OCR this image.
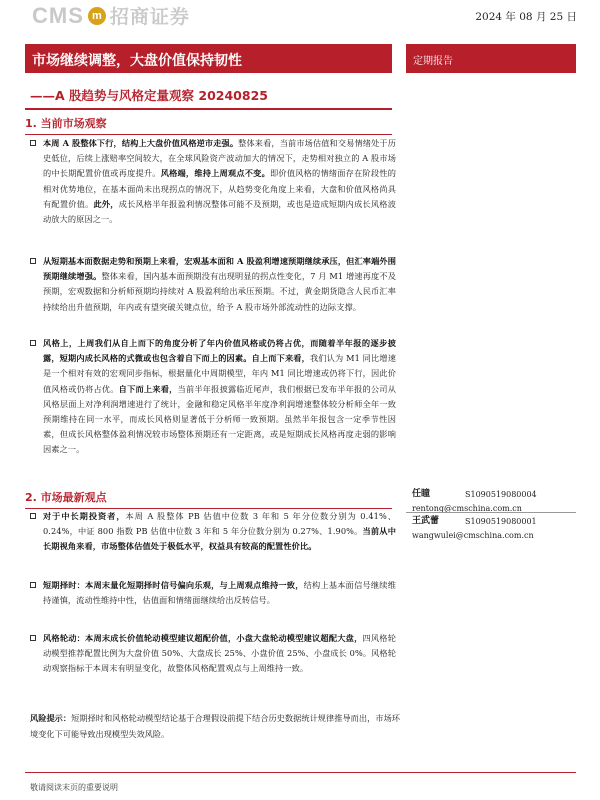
CMS m 招商证券	2024 年 08 月 25 日
市场继续调整，大盘价值保持韧性
——A 股趋势与风格定量观察 20240825
定期报告
1. 当前市场观察
本周 A 股整体下行，结构上大盘价值风格逆市走强。整体来看，当前市场估值和交易情绪处于历史低位，后续上涨赔率空间较大，在全球风险资产波动加大的情况下，走势相对独立的 A 股市场的中长期配置价值或再度提升。风格端，维持上周观点不变。即价值风格的情绪面存在阶段性的相对优势地位，在基本面尚未出现拐点的情况下，从趋势变化角度上来看，大盘和价值风格尚具有配置价值。此外，成长风格半年报盈利情况整体可能不及预期，或也是造成短期内成长风格波动放大的原因之一。
从短期基本面数据走势和预期上来看，宏观基本面和 A 股盈利增速预期继续承压，但汇率端外围预期继续增强。整体来看，国内基本面预期没有出现明显的拐点性变化，7 月 M1 增速再度不及预期，宏观数据和分析师预期均持续对 A 股盈利给出承压预期。不过，黄金期货隐含人民币汇率持续给出升值预期，年内或有望突破关键点位，给予 A 股市场外部流动性的边际支撑。
风格上，上周我们从自上而下的角度分析了年内价值风格或仍将占优，而随着半年报的逐步披露，短期内成长风格的式微或也包含着自下而上的因素。自上而下来看，我们认为 M1 同比增速是一个相对有效的宏观同步指标，根据量化中周期模型，年内 M1 同比增速或仍将下行，因此价值风格或仍将占优。自下而上来看，当前半年报披露临近尾声，我们根据已发布半年报的公司从风格层面上对净利润增速进行了统计，金融和稳定风格半年度净利润增速整体较分析师全年一致预期维持在同一水平，而成长风格则显著低于分析师一致预期。虽然半年报包含一定季节性因素，但成长风格整体盈利情况较市场整体预期还有一定距离，或是短期成长风格再度走弱的影响因素之一。
2. 市场最新观点
对于中长期投资者，本周 A 股整体 PB 估值中位数 3 年和 5 年分位数分别为 0.41%、0.24%，中证 800 指数 PB 估值中位数 3 年和 5 年分位数分别为 0.27%、1.90%。当前从中长期视角来看，市场整体估值处于极低水平，权益具有较高的配置性价比。
短期择时：本周末量化短期择时信号偏向乐观，与上周观点维持一致，结构上基本面信号继续维持谨慎，流动性维持中性，估值面和情绪面继续给出反转信号。
风格轮动：本周末成长价值轮动模型建议超配价值，小盘大盘轮动模型建议超配大盘，四风格轮动模型推荐配置比例为大盘价值 50%、大盘成长 25%、小盘价值 25%、小盘成长 0%。风格轮动观察指标于本周末有明显变化，故整体风格配置观点与上周维持一致。
风险提示：短期择时和风格轮动模型结论基于合理假设前提下结合历史数据统计规律推导而出，市场环境变化下可能导致出现模型失效风险。
任瞳	S1090519080004
rentong@cmschina.com.cn
王武蕾	S1090519080001
wangwulei@cmschina.com.cn
敬请阅读末页的重要说明
